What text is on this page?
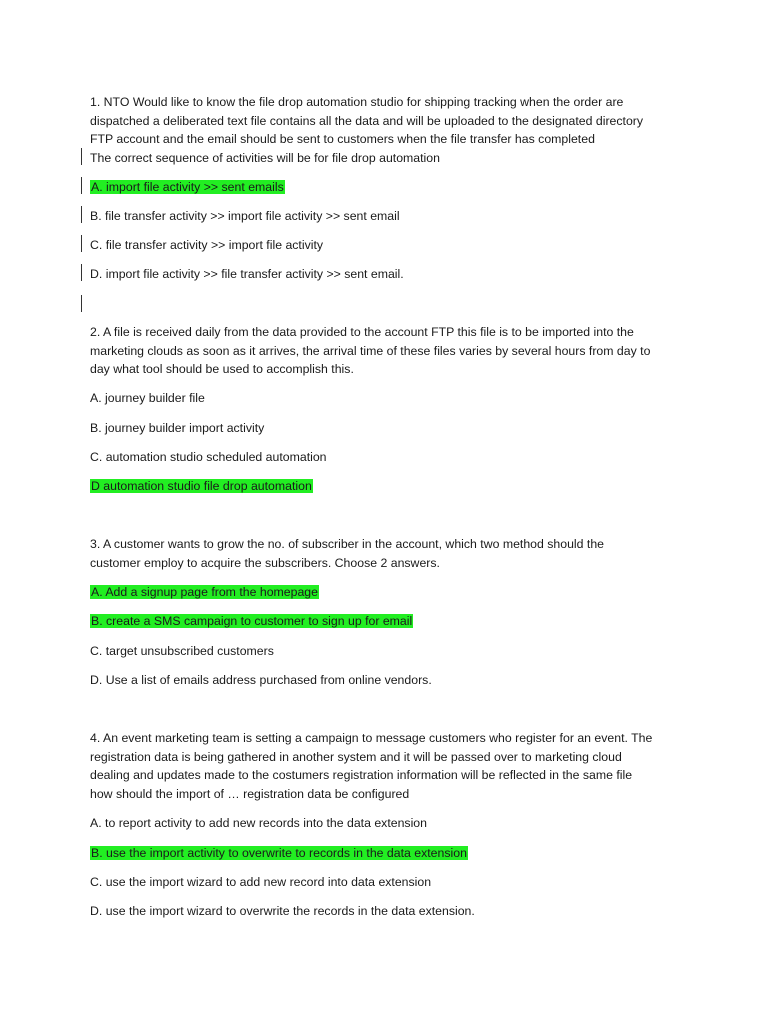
1. NTO Would like to know the file drop automation studio for shipping tracking when the order are
dispatched a deliberated text file contains all the data and will be uploaded to the designated directory
FTP account and the email should be sent to customers when the file transfer has completed
The correct sequence of activities will be for file drop automation
A. import file activity >> sent emails
B. file transfer activity >> import file activity >> sent email
C. file transfer activity >> import file activity
D. import file activity >> file transfer activity >> sent email.
2. A file is received daily from the data provided to the account FTP this file is to be imported into the
marketing clouds as soon as it arrives, the arrival time of these files varies by several hours from day to
day what tool should be used to accomplish this.
A. journey builder file
B. journey builder import activity
C. automation studio scheduled automation
D automation studio file drop automation
3. A customer wants to grow the no. of subscriber in the account, which two method should the
customer employ to acquire the subscribers. Choose 2 answers.
A. Add a signup page from the homepage
B. create a SMS campaign to customer to sign up for email
C. target unsubscribed customers
D. Use a list of emails address purchased from online vendors.
4. An event marketing team is setting a campaign to message customers who register for an event. The
registration data is being gathered in another system and it will be passed over to marketing cloud
dealing and updates made to the costumers registration information will be reflected in the same file
how should the import of … registration data be configured
A. to report activity to add new records into the data extension
B. use the import activity to overwrite to records in the data extension
C. use the import wizard to add new record into data extension
D. use the import wizard to overwrite the records in the data extension.
